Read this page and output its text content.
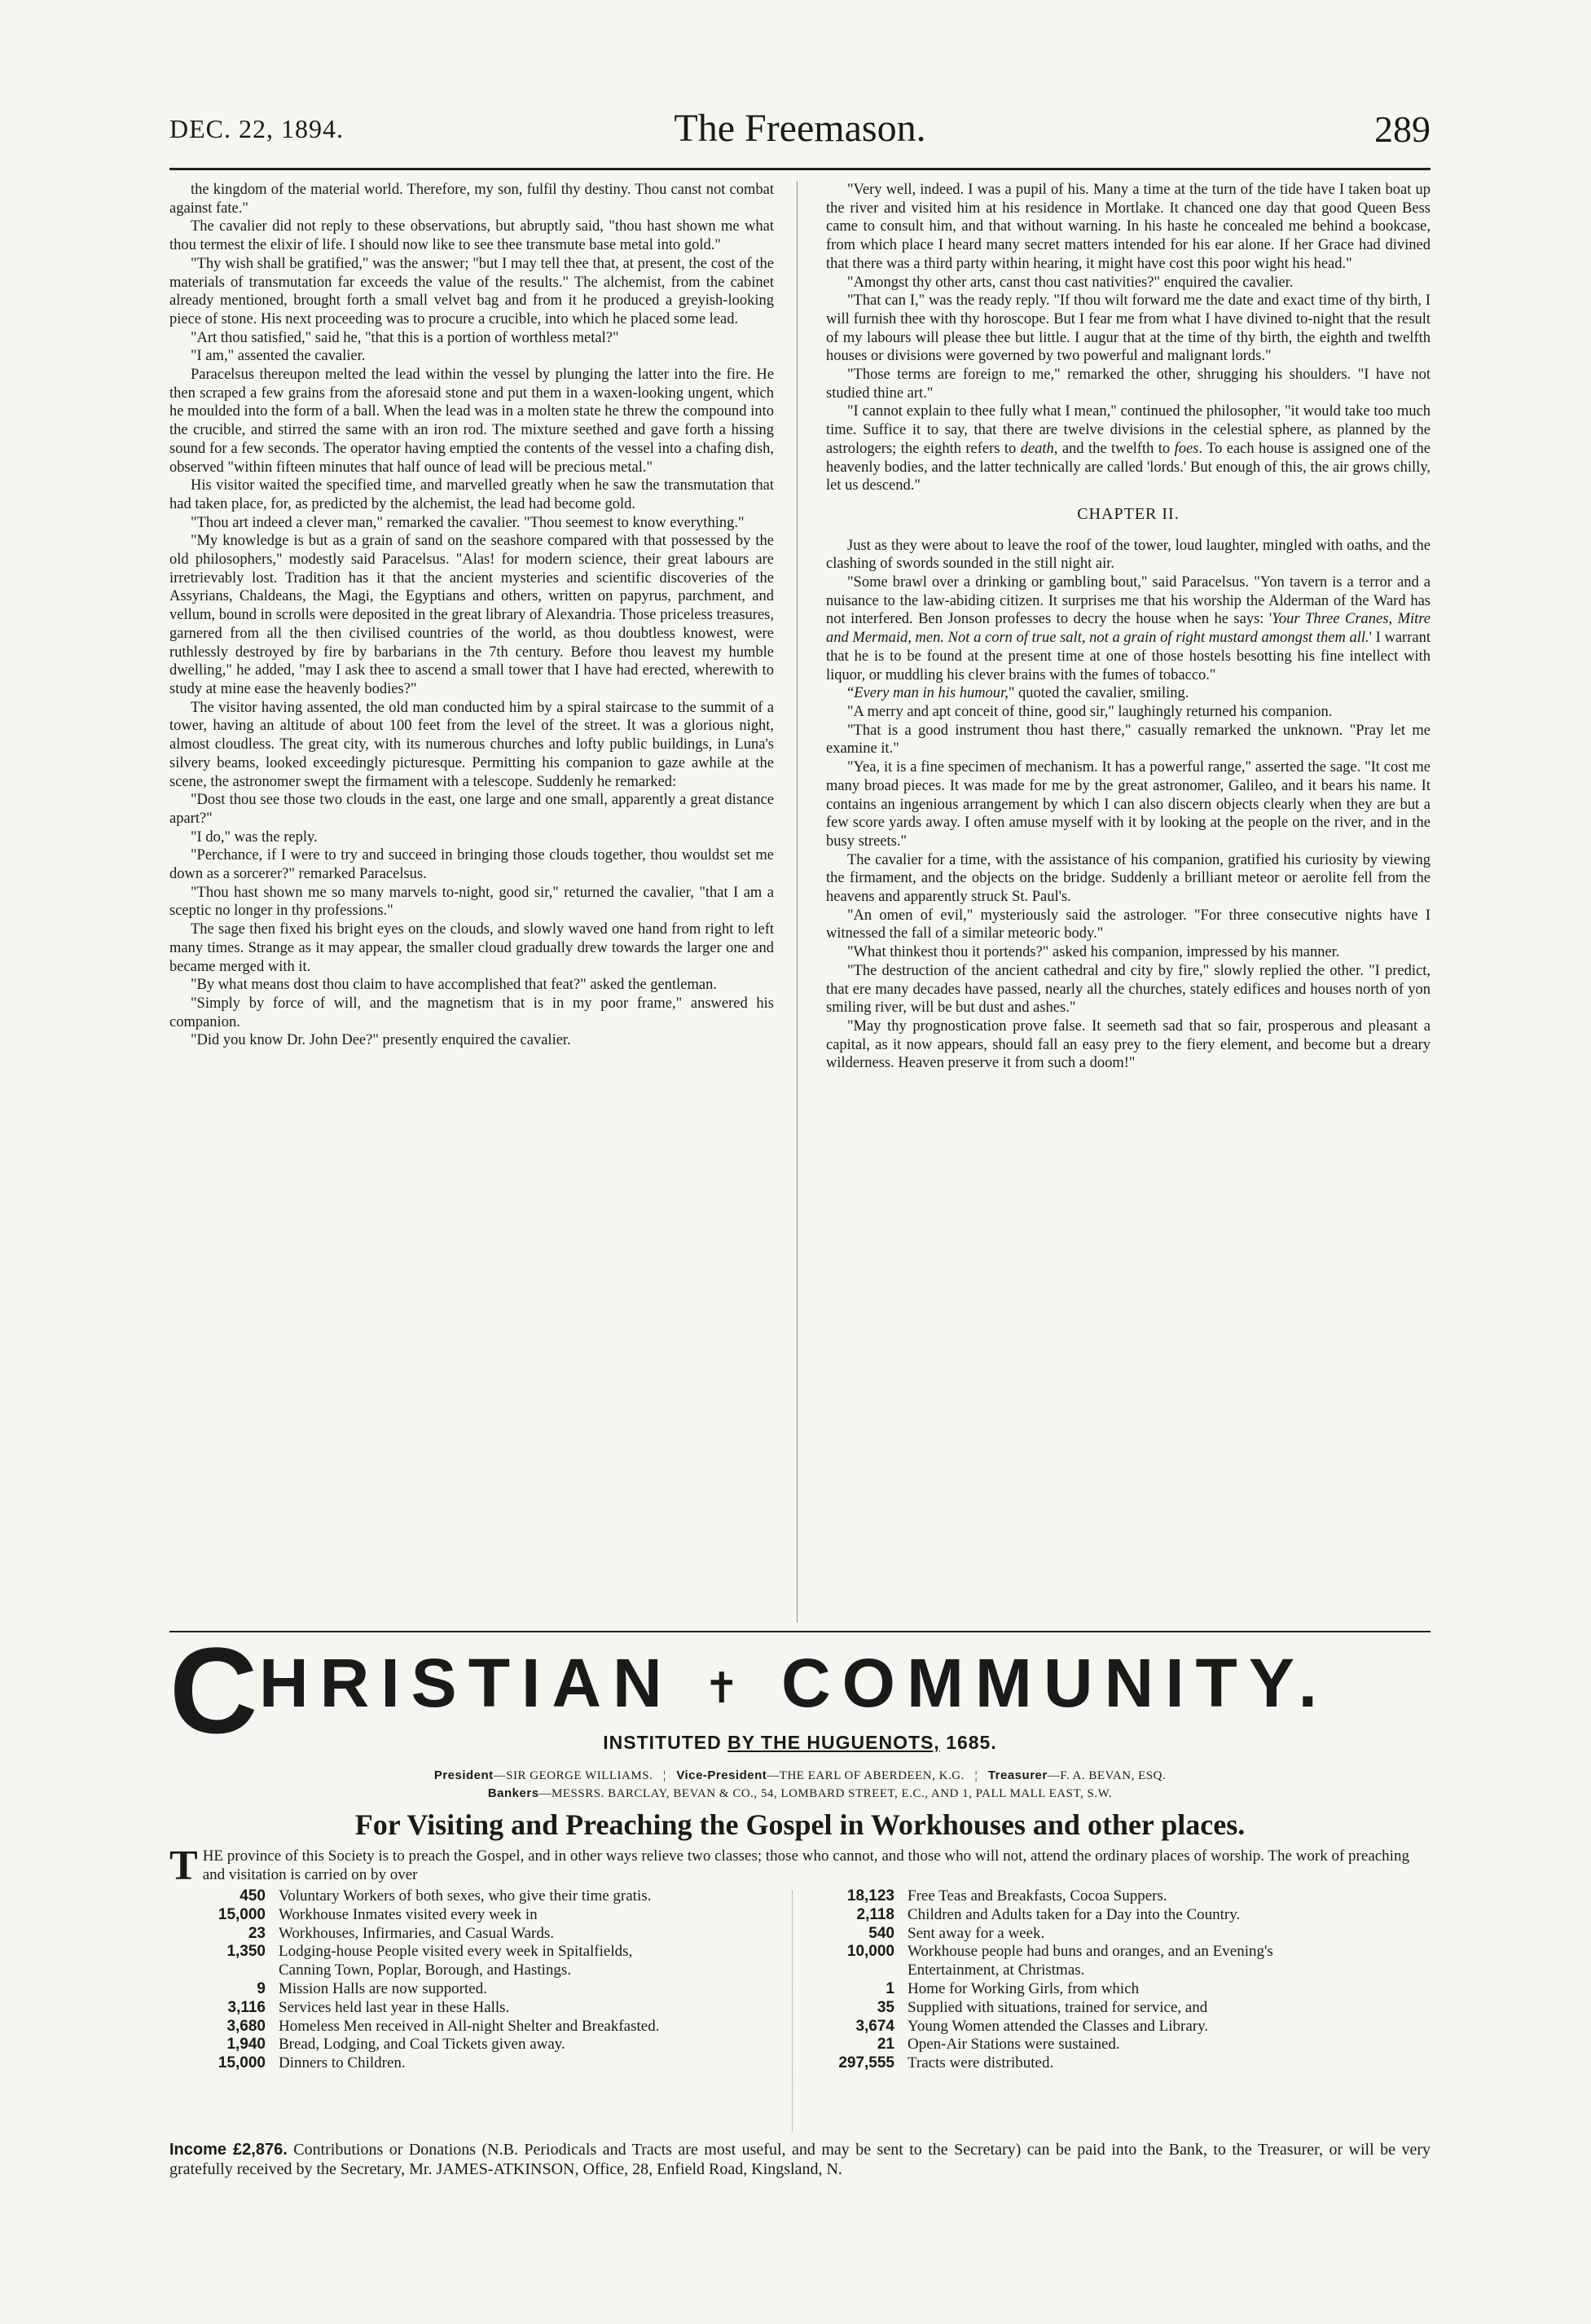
DEC. 22, 1894.	The Freemason.	289

the kingdom of the material world. Therefore, my son, fulfil thy destiny. Thou canst not combat against fate."

The cavalier did not reply to these observations, but abruptly said, "thou hast shown me what thou termest the elixir of life. I should now like to see thee transmute base metal into gold."

"Thy wish shall be gratified," was the answer; "but I may tell thee that, at present, the cost of the materials of transmutation far exceeds the value of the results." The alchemist, from the cabinet already mentioned, brought forth a small velvet bag and from it he produced a greyish-looking piece of stone. His next proceeding was to procure a crucible, into which he placed some lead.

"Art thou satisfied," said he, "that this is a portion of worthless metal?"

"I am," assented the cavalier.

Paracelsus thereupon melted the lead within the vessel by plunging the latter into the fire. He then scraped a few grains from the aforesaid stone and put them in a waxen-looking ungent, which he moulded into the form of a ball. When the lead was in a molten state he threw the compound into the crucible, and stirred the same with an iron rod. The mixture seethed and gave forth a hissing sound for a few seconds. The operator having emptied the contents of the vessel into a chafing dish, observed "within fifteen minutes that half ounce of lead will be precious metal."

His visitor waited the specified time, and marvelled greatly when he saw the transmutation that had taken place, for, as predicted by the alchemist, the lead had become gold.

"Thou art indeed a clever man," remarked the cavalier. "Thou seemest to know everything."

"My knowledge is but as a grain of sand on the seashore compared with that possessed by the old philosophers," modestly said Paracelsus. "Alas! for modern science, their great labours are irretrievably lost. Tradition has it that the ancient mysteries and scientific discoveries of the Assyrians, Chaldeans, the Magi, the Egyptians and others, written on papyrus, parchment, and vellum, bound in scrolls were deposited in the great library of Alexandria. Those priceless treasures, garnered from all the then civilised countries of the world, as thou doubtless knowest, were ruthlessly destroyed by fire by barbarians in the 7th century. Before thou leavest my humble dwelling," he added, "may I ask thee to ascend a small tower that I have had erected, wherewith to study at mine ease the heavenly bodies?"

The visitor having assented, the old man conducted him by a spiral staircase to the summit of a tower, having an altitude of about 100 feet from the level of the street. It was a glorious night, almost cloudless. The great city, with its numerous churches and lofty public buildings, in Luna's silvery beams, looked exceedingly picturesque. Permitting his companion to gaze awhile at the scene, the astronomer swept the firmament with a telescope. Suddenly he remarked:

"Dost thou see those two clouds in the east, one large and one small, apparently a great distance apart?"

"I do," was the reply.

"Perchance, if I were to try and succeed in bringing those clouds together, thou wouldst set me down as a sorcerer?" remarked Paracelsus.

"Thou hast shown me so many marvels to-night, good sir," returned the cavalier, "that I am a sceptic no longer in thy professions."

The sage then fixed his bright eyes on the clouds, and slowly waved one hand from right to left many times. Strange as it may appear, the smaller cloud gradually drew towards the larger one and became merged with it.

"By what means dost thou claim to have accomplished that feat?" asked the gentleman.

"Simply by force of will, and the magnetism that is in my poor frame," answered his companion.

"Did you know Dr. John Dee?" presently enquired the cavalier.

"Very well, indeed. I was a pupil of his. Many a time at the turn of the tide have I taken boat up the river and visited him at his residence in Mortlake. It chanced one day that good Queen Bess came to consult him, and that without warning. In his haste he concealed me behind a bookcase, from which place I heard many secret matters intended for his ear alone. If her Grace had divined that there was a third party within hearing, it might have cost this poor wight his head."

"Amongst thy other arts, canst thou cast nativities?" enquired the cavalier.

"That can I," was the ready reply. "If thou wilt forward me the date and exact time of thy birth, I will furnish thee with thy horoscope. But I fear me from what I have divined to-night that the result of my labours will please thee but little. I augur that at the time of thy birth, the eighth and twelfth houses or divisions were governed by two powerful and malignant lords."

"Those terms are foreign to me," remarked the other, shrugging his shoulders. "I have not studied thine art."

"I cannot explain to thee fully what I mean," continued the philosopher, "it would take too much time. Suffice it to say, that there are twelve divisions in the celestial sphere, as planned by the astrologers; the eighth refers to death, and the twelfth to foes. To each house is assigned one of the heavenly bodies, and the latter technically are called 'lords.' But enough of this, the air grows chilly, let us descend."

CHAPTER II.

Just as they were about to leave the roof of the tower, loud laughter, mingled with oaths, and the clashing of swords sounded in the still night air.

"Some brawl over a drinking or gambling bout," said Paracelsus. "Yon tavern is a terror and a nuisance to the law-abiding citizen. It surprises me that his worship the Alderman of the Ward has not interfered. Ben Jonson professes to decry the house when he says: 'Your Three Cranes, Mitre and Mermaid, men. Not a corn of true salt, not a grain of right mustard amongst them all.' I warrant that he is to be found at the present time at one of those hostels besotting his fine intellect with liquor, or muddling his clever brains with the fumes of tobacco."

“Every man in his humour," quoted the cavalier, smiling.

"A merry and apt conceit of thine, good sir," laughingly returned his companion.

"That is a good instrument thou hast there," casually remarked the unknown. "Pray let me examine it."

"Yea, it is a fine specimen of mechanism. It has a powerful range," asserted the sage. "It cost me many broad pieces. It was made for me by the great astronomer, Galileo, and it bears his name. It contains an ingenious arrangement by which I can also discern objects clearly when they are but a few score yards away. I often amuse myself with it by looking at the people on the river, and in the busy streets."

The cavalier for a time, with the assistance of his companion, gratified his curiosity by viewing the firmament, and the objects on the bridge. Suddenly a brilliant meteor or aerolite fell from the heavens and apparently struck St. Paul's.

"An omen of evil," mysteriously said the astrologer. "For three consecutive nights have I witnessed the fall of a similar meteoric body."

"What thinkest thou it portends?" asked his companion, impressed by his manner.

"The destruction of the ancient cathedral and city by fire," slowly replied the other. "I predict, that ere many decades have passed, nearly all the churches, stately edifices and houses north of yon smiling river, will be but dust and ashes."

"May thy prognostication prove false. It seemeth sad that so fair, prosperous and pleasant a capital, as it now appears, should fall an easy prey to the fiery element, and become but a dreary wilderness. Heaven preserve it from such a doom!"

C HRISTIAN ✝ COMMUNITY.
INSTITUTED BY THE HUGUENOTS, 1685.
President—SIR GEORGE WILLIAMS.   ¦   Vice-President—THE EARL OF ABERDEEN, K.G.   ¦   Treasurer—F. A. BEVAN, ESQ.
Bankers—MESSRS. BARCLAY, BEVAN & CO., 54, LOMBARD STREET, E.C., AND 1, PALL MALL EAST, S.W.
For Visiting and Preaching the Gospel in Workhouses and other places.
THE province of this Society is to preach the Gospel, and in other ways relieve two classes; those who cannot, and those who will not, attend the ordinary places of worship. The work of preaching and visitation is carried on by over
450 Voluntary Workers of both sexes, who give their time gratis.
15,000 Workhouse Inmates visited every week in
23 Workhouses, Infirmaries, and Casual Wards.
1,350 Lodging-house People visited every week in Spitalfields,
Canning Town, Poplar, Borough, and Hastings.
9 Mission Halls are now supported.
3,116 Services held last year in these Halls.
3,680 Homeless Men received in All-night Shelter and Breakfasted.
1,940 Bread, Lodging, and Coal Tickets given away.
15,000 Dinners to Children.
18,123 Free Teas and Breakfasts, Cocoa Suppers.
2,118 Children and Adults taken for a Day into the Country.
540 Sent away for a week.
10,000 Workhouse people had buns and oranges, and an Evening's
Entertainment, at Christmas.
1 Home for Working Girls, from which
35 Supplied with situations, trained for service, and
3,674 Young Women attended the Classes and Library.
21 Open-Air Stations were sustained.
297,555 Tracts were distributed.
Income £2,876. Contributions or Donations (N.B. Periodicals and Tracts are most useful, and may be sent to the Secretary) can be paid into the Bank, to the Treasurer, or will be very gratefully received by the Secretary, Mr. JAMES-ATKINSON, Office, 28, Enfield Road, Kingsland, N.
